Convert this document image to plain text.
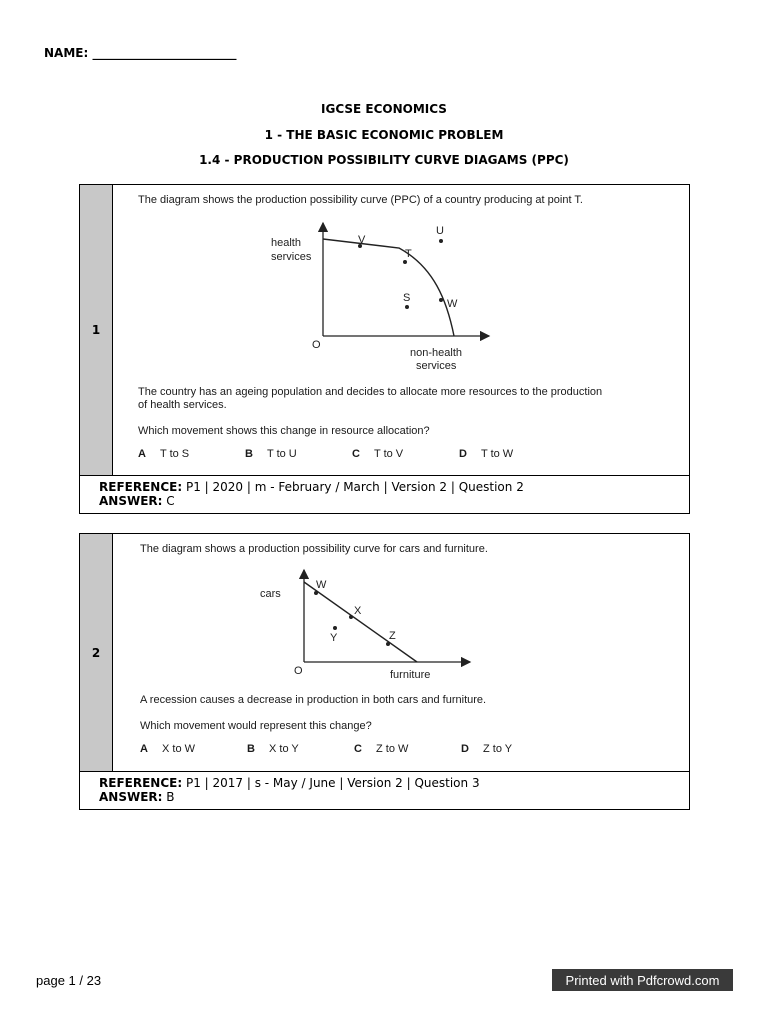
NAME: ________________________
IGCSE ECONOMICS
1 - THE BASIC ECONOMIC PROBLEM
1.4 - PRODUCTION POSSIBILITY CURVE DIAGAMS (PPC)
1
The diagram shows the production possibility curve (PPC) of a country producing at point T.
health
services
O
non-health
services
V
T
U
S	W
The country has an ageing population and decides to allocate more resources to the production
of health services.
Which movement shows this change in resource allocation?
A	T to S	B	T to U	C	T to V	D	T to W
REFERENCE: P1 | 2020 | m - February / March | Version 2 | Question 2
ANSWER: C
2
The diagram shows a production possibility curve for cars and furniture.
cars
O	furniture
W
X
Y	Z
A recession causes a decrease in production in both cars and furniture.
Which movement would represent this change?
A	X to W	B	X to Y	C	Z to W	D	Z to Y
REFERENCE: P1 | 2017 | s - May / June | Version 2 | Question 3
ANSWER: B
page 1 / 23	Printed with Pdfcrowd.com
